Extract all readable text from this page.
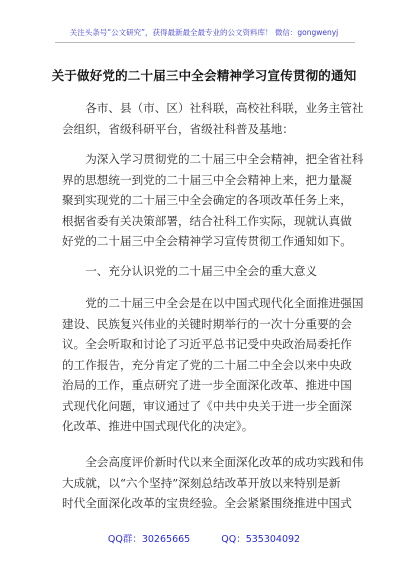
关注头条号“公文研究”，获得最新最全最专业的公文资料库！ 微信：gongwenyj
关于做好党的二十届三中全会精神学习宣传贯彻的通知
　　各市、县（市、区）社科联，高校社科联，业务主管社
会组织，省级科研平台，省级社科普及基地：
　　为深入学习贯彻党的二十届三中全会精神，把全省社科
界的思想统一到党的二十届三中全会精神上来，把力量凝
聚到实现党的二十届三中全会确定的各项改革任务上来，
根据省委有关决策部署，结合社科工作实际，现就认真做
好党的二十届三中全会精神学习宣传贯彻工作通知如下。
　　一、充分认识党的二十届三中全会的重大意义
　　党的二十届三中全会是在以中国式现代化全面推进强国
建设、民族复兴伟业的关键时期举行的一次十分重要的会
议。全会听取和讨论了习近平总书记受中央政治局委托作
的工作报告，充分肯定了党的二十届二中全会以来中央政
治局的工作，重点研究了进一步全面深化改革、推进中国
式现代化问题，审议通过了《中共中央关于进一步全面深
化改革、推进中国式现代化的决定》。
　　全会高度评价新时代以来全面深化改革的成功实践和伟
大成就，以“六个坚持”深刻总结改革开放以来特别是新
时代全面深化改革的宝贵经验。全会紧紧围绕推进中国式
QQ群：30265665	QQ：535304092
